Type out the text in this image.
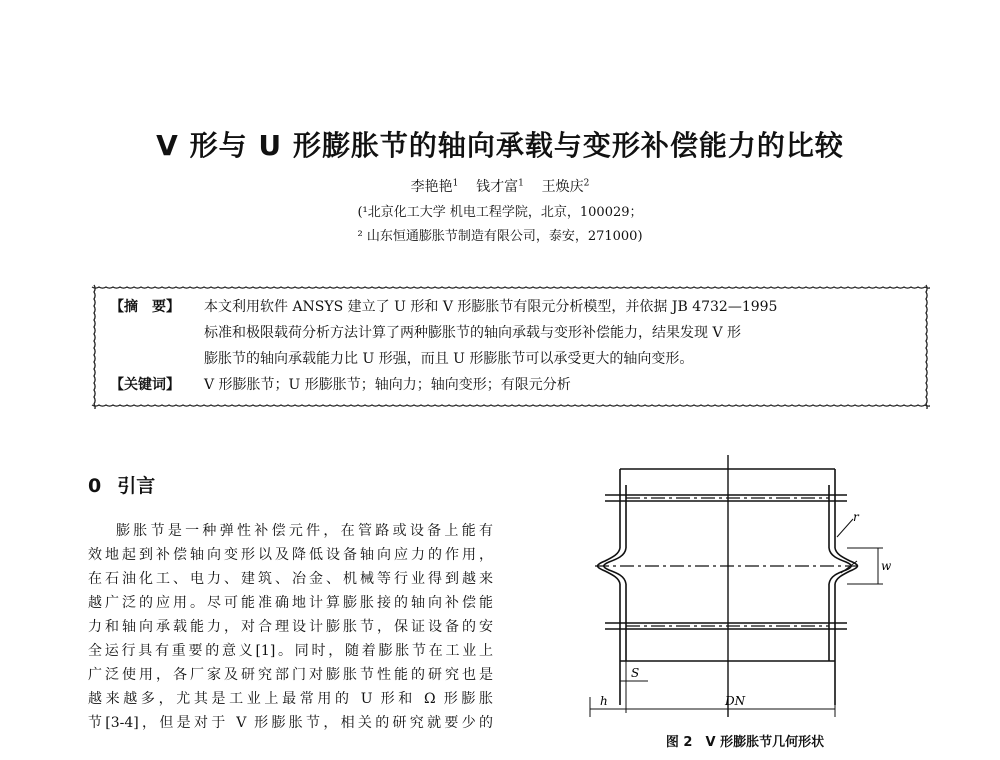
V 形与 U 形膨胀节的轴向承载与变形补偿能力的比较
李艳艳$^1$ 钱才富$^1$ 王焕庆$^2$
(¹北京化工大学 机电工程学院，北京，100029；
² 山东恒通膨胀节制造有限公司，泰安，271000)
【摘　要】 本文利用软件 ANSYS 建立了 U 形和 V 形膨胀节有限元分析模型，并依据 JB 4732—1995
标准和极限载荷分析方法计算了两种膨胀节的轴向承载与变形补偿能力，结果发现 V 形
膨胀节的轴向承载能力比 U 形强，而且 U 形膨胀节可以承受更大的轴向变形。
【关键词】 V 形膨胀节；U 形膨胀节；轴向力；轴向变形；有限元分析
0 引言

膨胀节是一种弹性补偿元件，在管路或设备上能有

效地起到补偿轴向变形以及降低设备轴向应力的作用，

在石油化工、电力、建筑、冶金、机械等行业得到越来

越广泛的应用。尽可能准确地计算膨胀接的轴向补偿能

力和轴向承载能力，对合理设计膨胀节，保证设备的安

全运行具有重要的意义[1]。同时，随着膨胀节在工业上

广泛使用，各厂家及研究部门对膨胀节性能的研究也是

越来越多，尤其是工业上最常用的 U 形和 Ω 形膨胀

节[3-4]，但是对于 V 形膨胀节，相关的研究就要少的

r
w
S
h	DN
图 2　V 形膨胀节几何形状
